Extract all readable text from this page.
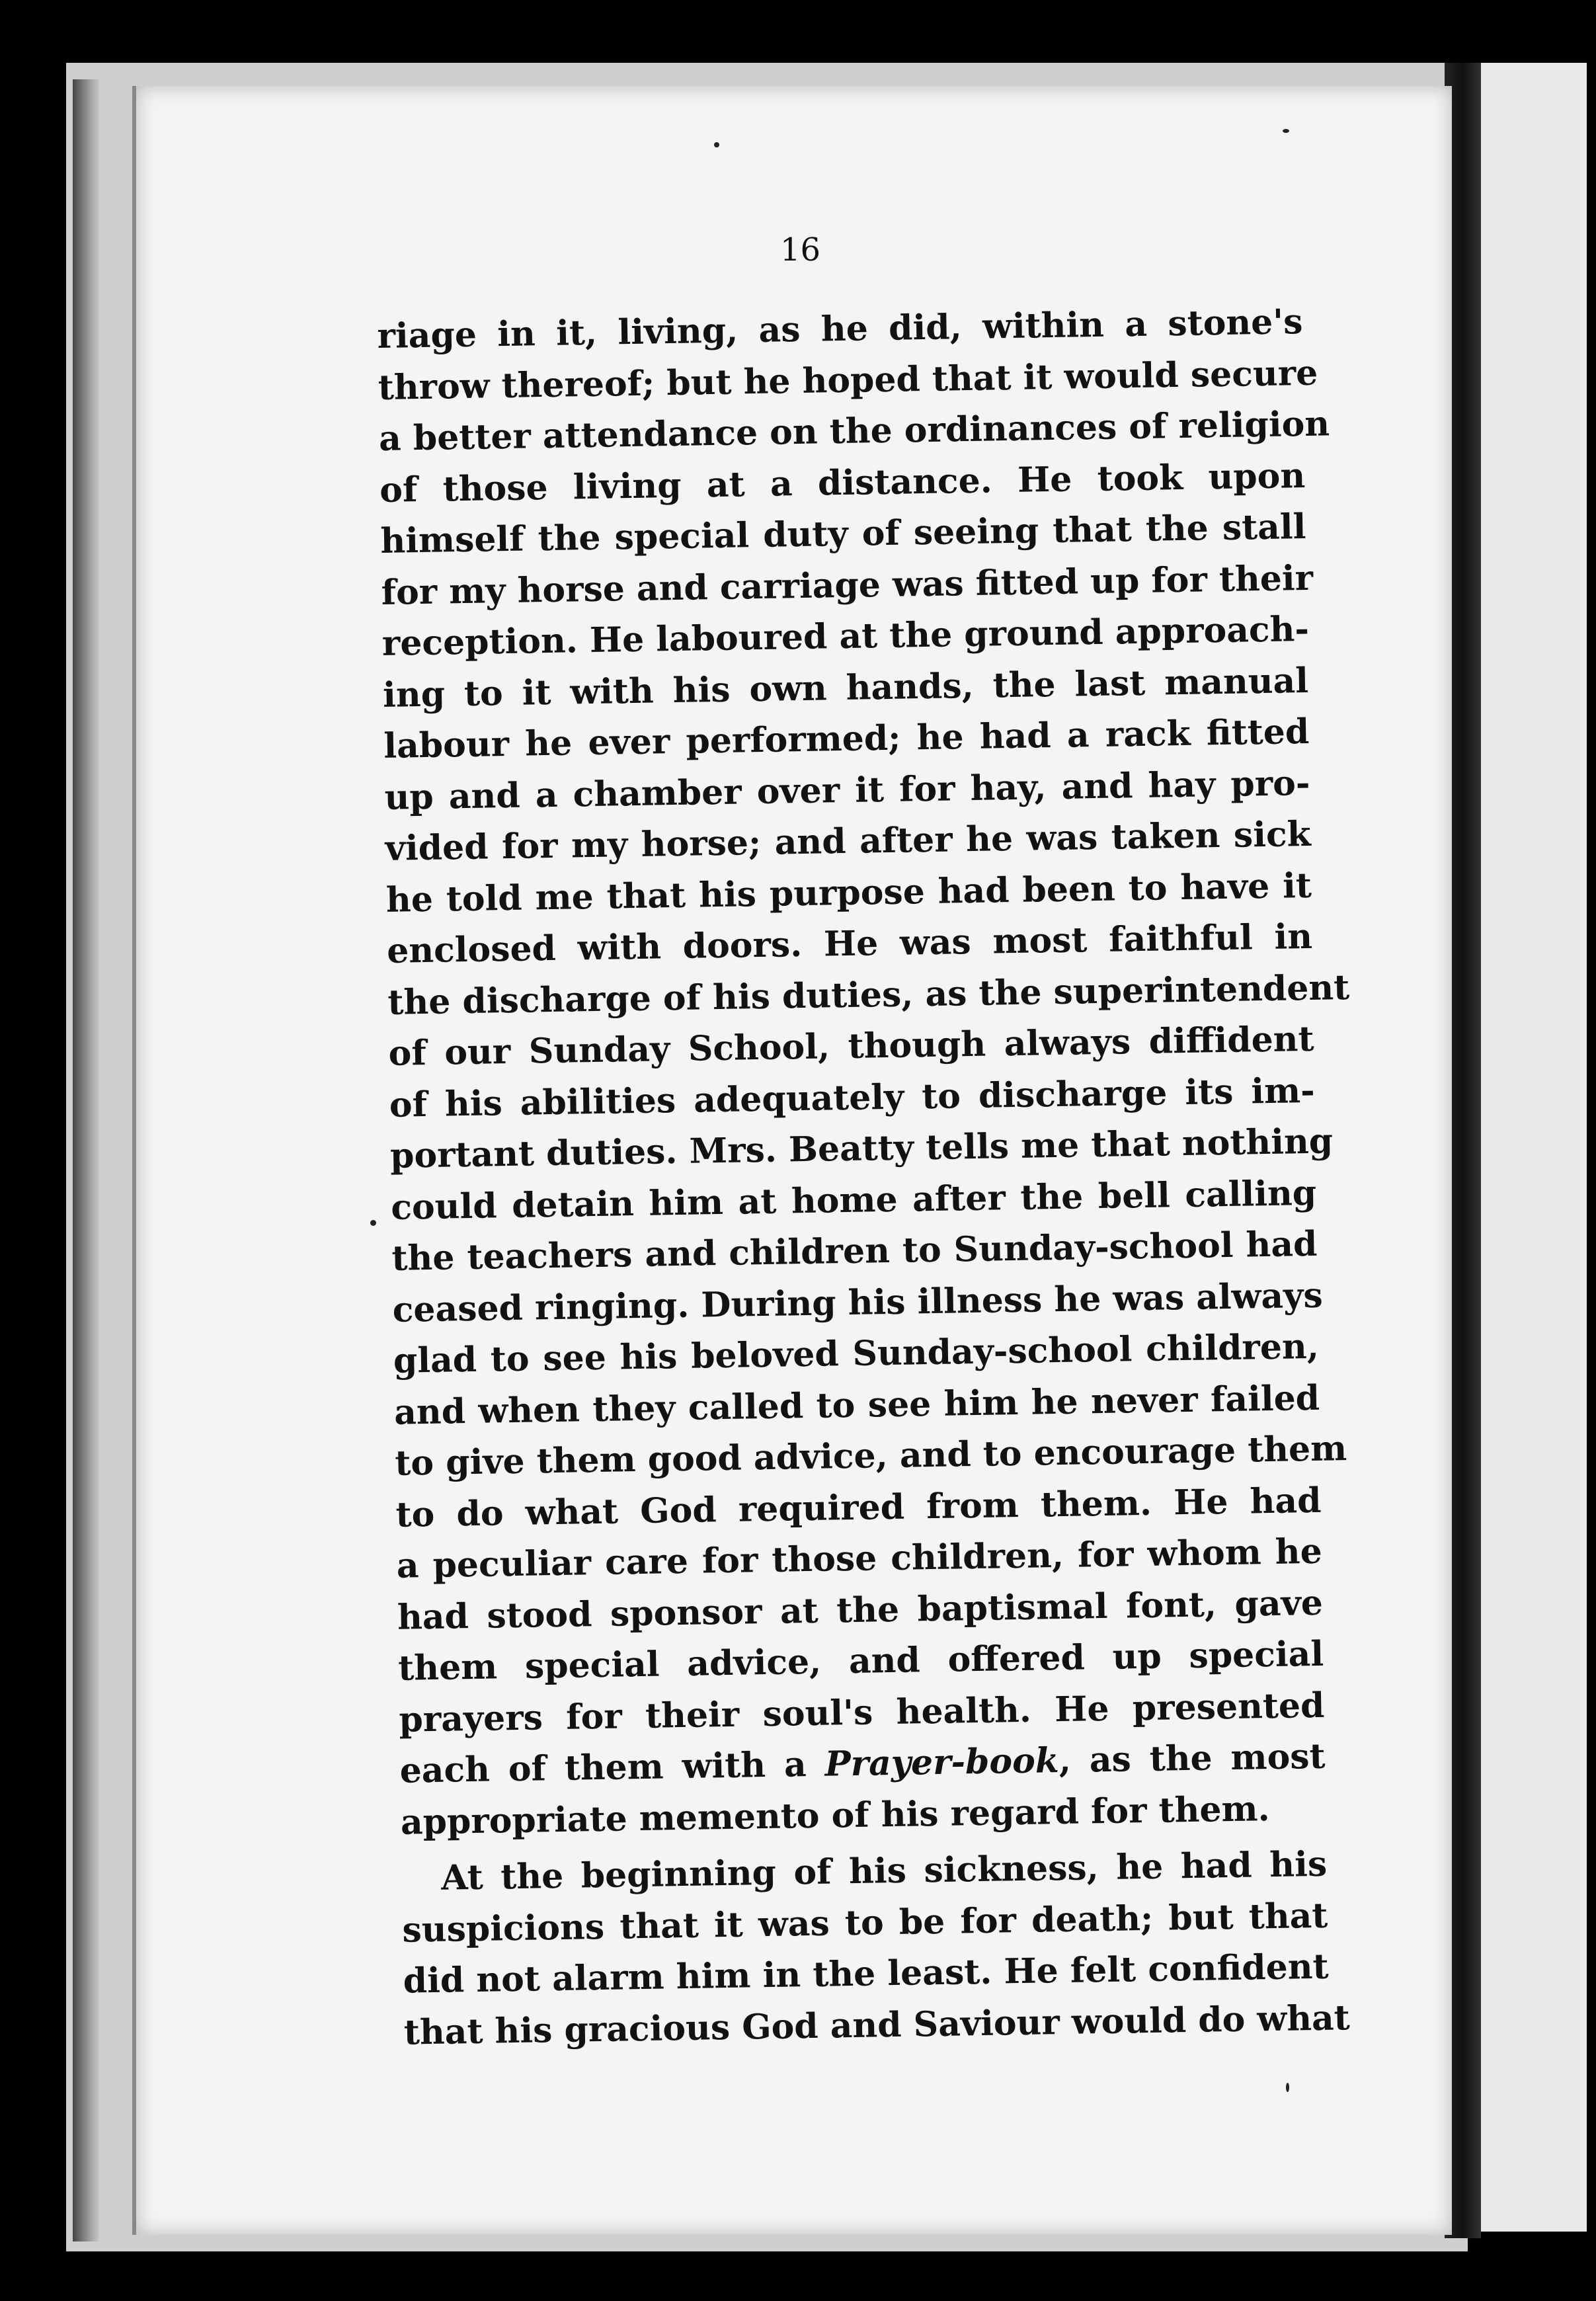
16
riage in it, living, as he did, within a stone's
throw thereof; but he hoped that it would secure
a better attendance on the ordinances of religion
of those living at a distance. He took upon
himself the special duty of seeing that the stall
for my horse and carriage was fitted up for their
reception. He laboured at the ground approach-
ing to it with his own hands, the last manual
labour he ever performed; he had a rack fitted
up and a chamber over it for hay, and hay pro-
vided for my horse; and after he was taken sick
he told me that his purpose had been to have it
enclosed with doors. He was most faithful in
the discharge of his duties, as the superintendent
of our Sunday School, though always diffident
of his abilities adequately to discharge its im-
portant duties. Mrs. Beatty tells me that nothing
could detain him at home after the bell calling
the teachers and children to Sunday-school had
ceased ringing. During his illness he was always
glad to see his beloved Sunday-school children,
and when they called to see him he never failed
to give them good advice, and to encourage them
to do what God required from them. He had
a peculiar care for those children, for whom he
had stood sponsor at the baptismal font, gave
them special advice, and offered up special
prayers for their soul's health. He presented
each of them with a Prayer-book, as the most
appropriate memento of his regard for them.
At the beginning of his sickness, he had his
suspicions that it was to be for death; but that
did not alarm him in the least. He felt confident
that his gracious God and Saviour would do what
